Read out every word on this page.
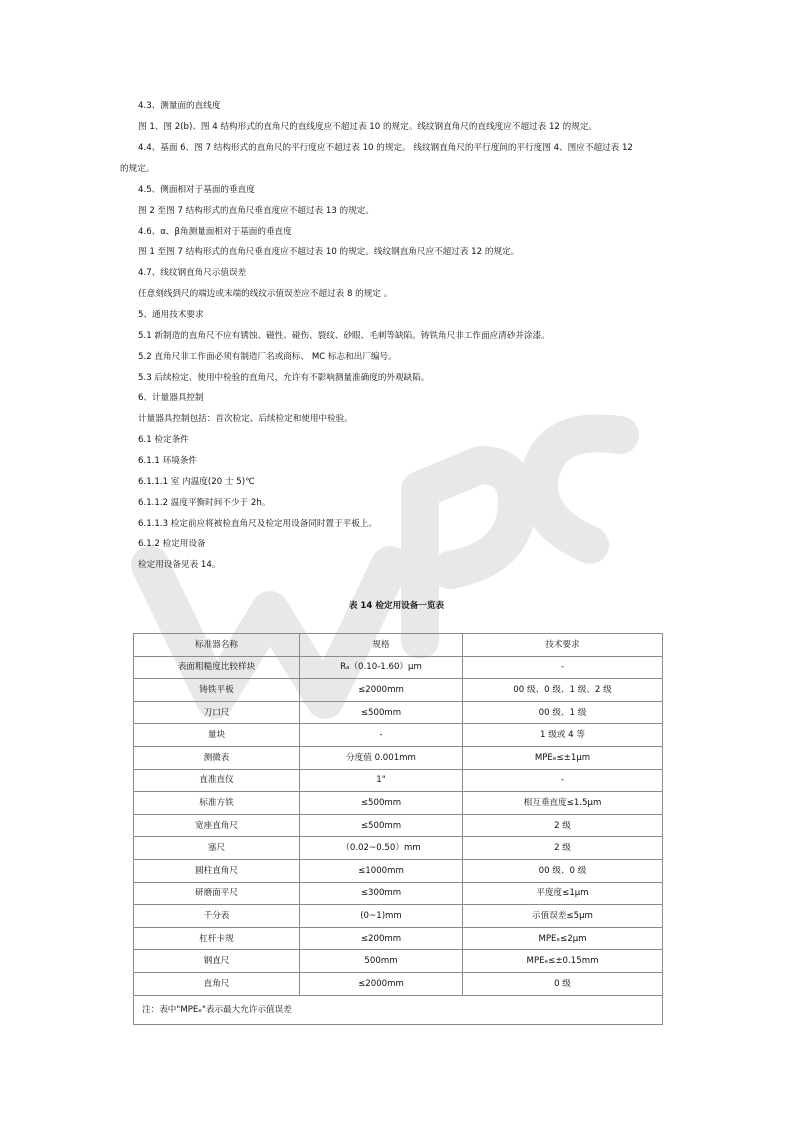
4.3、测量面的直线度
图 1、图 2(b)、图 4 结构形式的直角尺的直线度应不超过表 10 的规定。线纹钢直角尺的直线度应不超过表 12 的规定。
4.4、基面 6、图 7 结构形式的直角尺的平行度应不超过表 10 的规定。 线纹钢直角尺的平行度间的平行度图 4、图应不超过表 12
的规定。
4.5、侧面相对于基面的垂直度
图 2 至图 7 结构形式的直角尺垂直度应不超过表 13 的规定。
4.6、α、β角测量面相对于基面的垂直度
图 1 至图 7 结构形式的直角尺垂直度应不超过表 10 的规定。线纹钢直角尺应不超过表 12 的规定。
4.7、线纹钢直角尺示值误差
任意刻线到尺的端边或末端的线纹示值误差应不超过表 8 的规定 。
5、通用技术要求
5.1 新制造的直角尺不应有锈蚀、磁性、碰伤、裂纹、砂眼、毛刺等缺陷。铸铁角尺非工作面应清砂并涂漆。
5.2 直角尺非工作面必须有制造厂名或商标、 MC 标志和出厂编号。
5.3 后续检定、使用中检验的直角尺，允许有不影响测量准确度的外观缺陷。
6、计量器具控制
计量器具控制包括：首次检定、后续检定和使用中检验。
6.1 检定条件
6.1.1 环境条件
6.1.1.1 室 内温度(20 士 5)℃
6.1.1.2 温度平衡时间不少于 2h。
6.1.1.3 检定前应将被检直角尺及检定用设备同时置于平板上。
6.1.2 检定用设备
检定用设备见表 14。
表 14 检定用设备一览表
标准器名称	规格	技术要求
表面粗糙度比较样块	Rₐ（0.10-1.60）μm	-
铸铁平板	≤2000mm	00 级、0 级、1 级、2 级
刀口尺	≤500mm	00 级、1 级
量块	-	1 级或 4 等
测微表	分度值 0.001mm	MPEₑ≤±1μm
直准直仪	1"	-
标准方铁	≤500mm	相互垂直度≤1.5μm
宽座直角尺	≤500mm	2 级
塞尺	（0.02~0.50）mm	2 级
圆柱直角尺	≤1000mm	00 级、0 级
研磨面平尺	≤300mm	平度度≤1μm
千分表	(0~1)mm	示值误差≤5μm
杠杆卡规	≤200mm	MPEₑ≤2μm
钢直尺	500mm	MPEₑ≤±0.15mm
直角尺	≤2000mm	0 级
注：表中"MPEₑ"表示最大允许示值误差		
